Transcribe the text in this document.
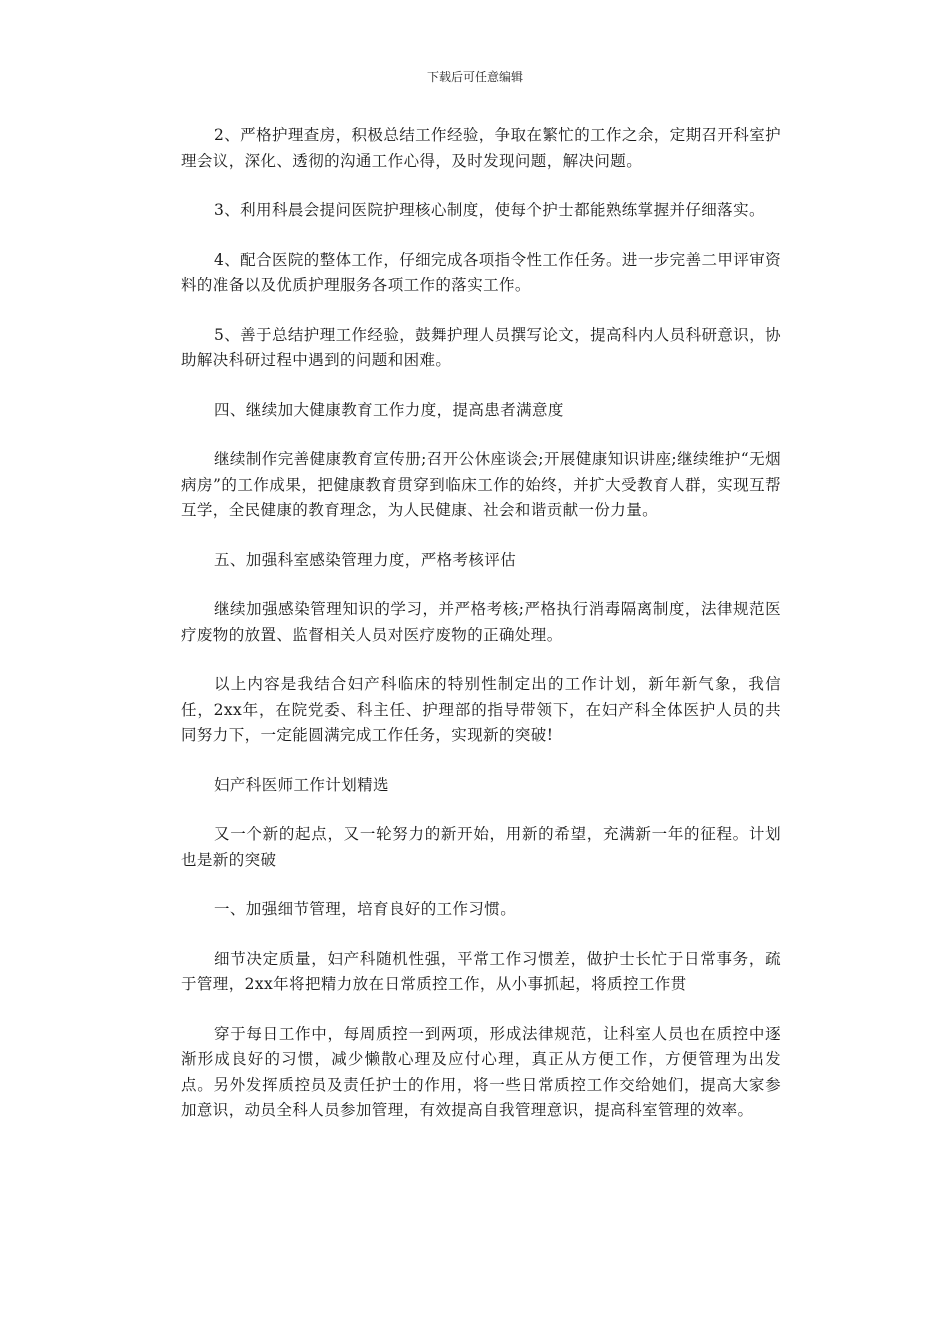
下载后可任意编辑

2、严格护理查房，积极总结工作经验，争取在繁忙的工作之余，定期召开科室护理会议，深化、透彻的沟通工作心得，及时发现问题，解决问题。

3、利用科晨会提问医院护理核心制度，使每个护士都能熟练掌握并仔细落实。

4、配合医院的整体工作，仔细完成各项指令性工作任务。进一步完善二甲评审资料的准备以及优质护理服务各项工作的落实工作。

5、善于总结护理工作经验，鼓舞护理人员撰写论文，提高科内人员科研意识，协助解决科研过程中遇到的问题和困难。

四、继续加大健康教育工作力度，提高患者满意度

继续制作完善健康教育宣传册;召开公休座谈会;开展健康知识讲座;继续维护“无烟病房”的工作成果，把健康教育贯穿到临床工作的始终，并扩大受教育人群，实现互帮互学，全民健康的教育理念，为人民健康、社会和谐贡献一份力量。

五、加强科室感染管理力度，严格考核评估

继续加强感染管理知识的学习，并严格考核;严格执行消毒隔离制度，法律规范医疗废物的放置、监督相关人员对医疗废物的正确处理。

以上内容是我结合妇产科临床的特别性制定出的工作计划，新年新气象，我信任，2xx年，在院党委、科主任、护理部的指导带领下，在妇产科全体医护人员的共同努力下，一定能圆满完成工作任务，实现新的突破!

妇产科医师工作计划精选

又一个新的起点，又一轮努力的新开始，用新的希望，充满新一年的征程。计划也是新的突破

一、加强细节管理，培育良好的工作习惯。

细节决定质量，妇产科随机性强，平常工作习惯差，做护士长忙于日常事务，疏于管理，2xx年将把精力放在日常质控工作，从小事抓起，将质控工作贯

穿于每日工作中，每周质控一到两项，形成法律规范，让科室人员也在质控中逐渐形成良好的习惯，减少懒散心理及应付心理，真正从方便工作，方便管理为出发点。另外发挥质控员及责任护士的作用，将一些日常质控工作交给她们，提高大家参加意识，动员全科人员参加管理，有效提高自我管理意识，提高科室管理的效率。
